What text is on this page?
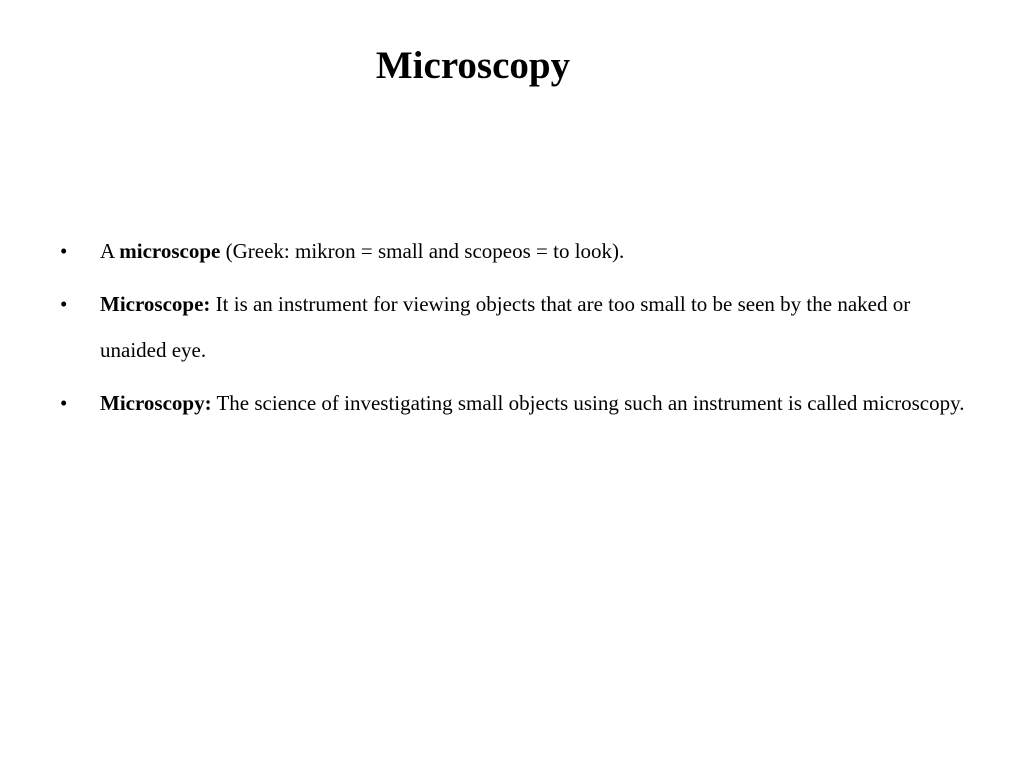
Microscopy
•	A microscope (Greek: mikron = small and scopeos = to look).
•	Microscope: It is an instrument for viewing objects that are too small to be seen by the naked or unaided eye.
•	Microscopy: The science of investigating small objects using such an instrument is called microscopy.
